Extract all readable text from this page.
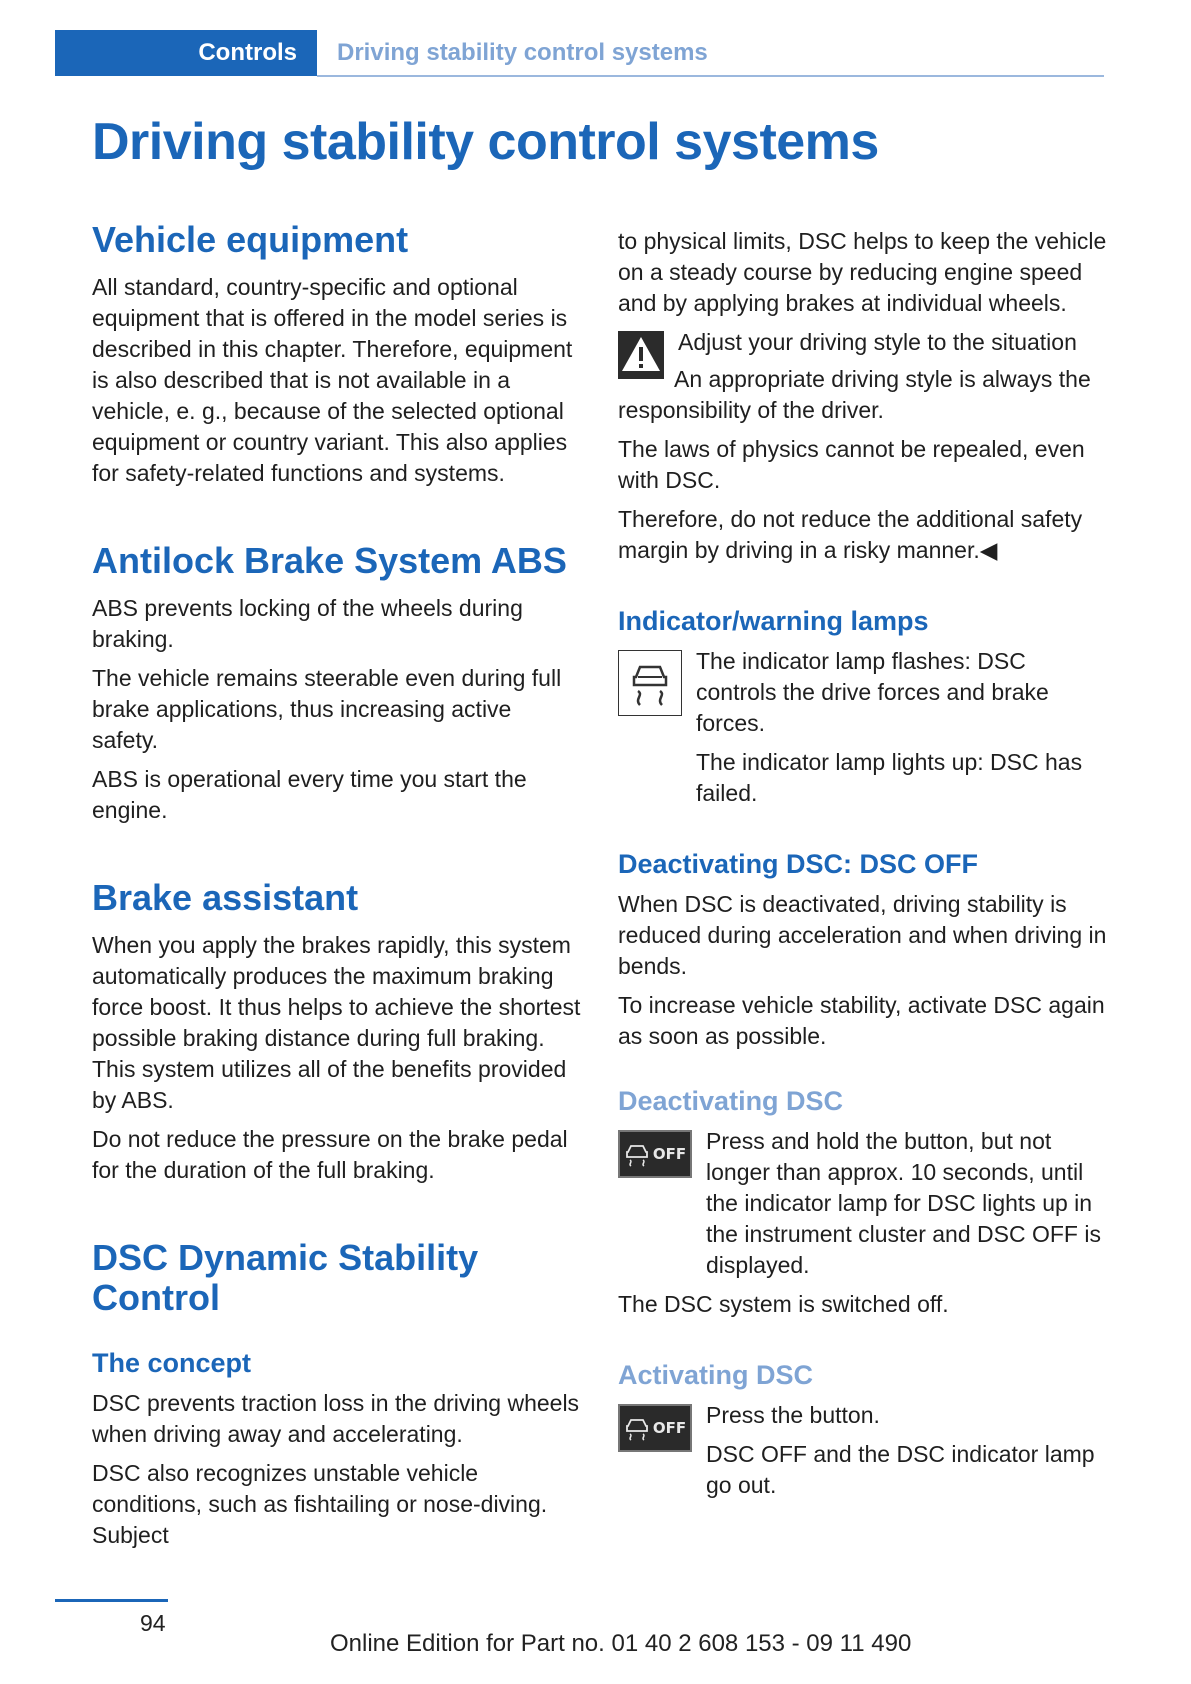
Controls	Driving stability control systems
Driving stability control systems
Vehicle equipment

All standard, country-specific and optional equipment that is offered in the model series is described in this chapter. Therefore, equipment is also described that is not available in a vehicle, e. g., because of the selected optional equipment or country variant. This also applies for safety-related functions and systems.

Antilock Brake System ABS

ABS prevents locking of the wheels during braking.

The vehicle remains steerable even during full brake applications, thus increasing active safety.

ABS is operational every time you start the engine.

Brake assistant

When you apply the brakes rapidly, this system automatically produces the maximum braking force boost. It thus helps to achieve the shortest possible braking distance during full braking. This system utilizes all of the benefits provided by ABS.

Do not reduce the pressure on the brake pedal for the duration of the full braking.

DSC Dynamic Stability Control
The concept

DSC prevents traction loss in the driving wheels when driving away and accelerating.

DSC also recognizes unstable vehicle conditions, such as fishtailing or nose-diving. Subject

to physical limits, DSC helps to keep the vehicle on a steady course by reducing engine speed and by applying brakes at individual wheels.

Adjust your driving style to the situation

An appropriate driving style is always the responsibility of the driver.

The laws of physics cannot be repealed, even with DSC.

Therefore, do not reduce the additional safety margin by driving in a risky manner.◀

Indicator/warning lamps

The indicator lamp flashes: DSC controls the drive forces and brake forces.

The indicator lamp lights up: DSC has failed.

Deactivating DSC: DSC OFF

When DSC is deactivated, driving stability is reduced during acceleration and when driving in bends.

To increase vehicle stability, activate DSC again as soon as possible.

Deactivating DSC
OFF Press and hold the button, but not longer than approx. 10 seconds, until the indicator lamp for DSC lights up in the instrument cluster and DSC OFF is displayed.

The DSC system is switched off.

Activating DSC
OFF Press the button.

DSC OFF and the DSC indicator lamp go out.

94
Online Edition for Part no. 01 40 2 608 153 - 09 11 490
